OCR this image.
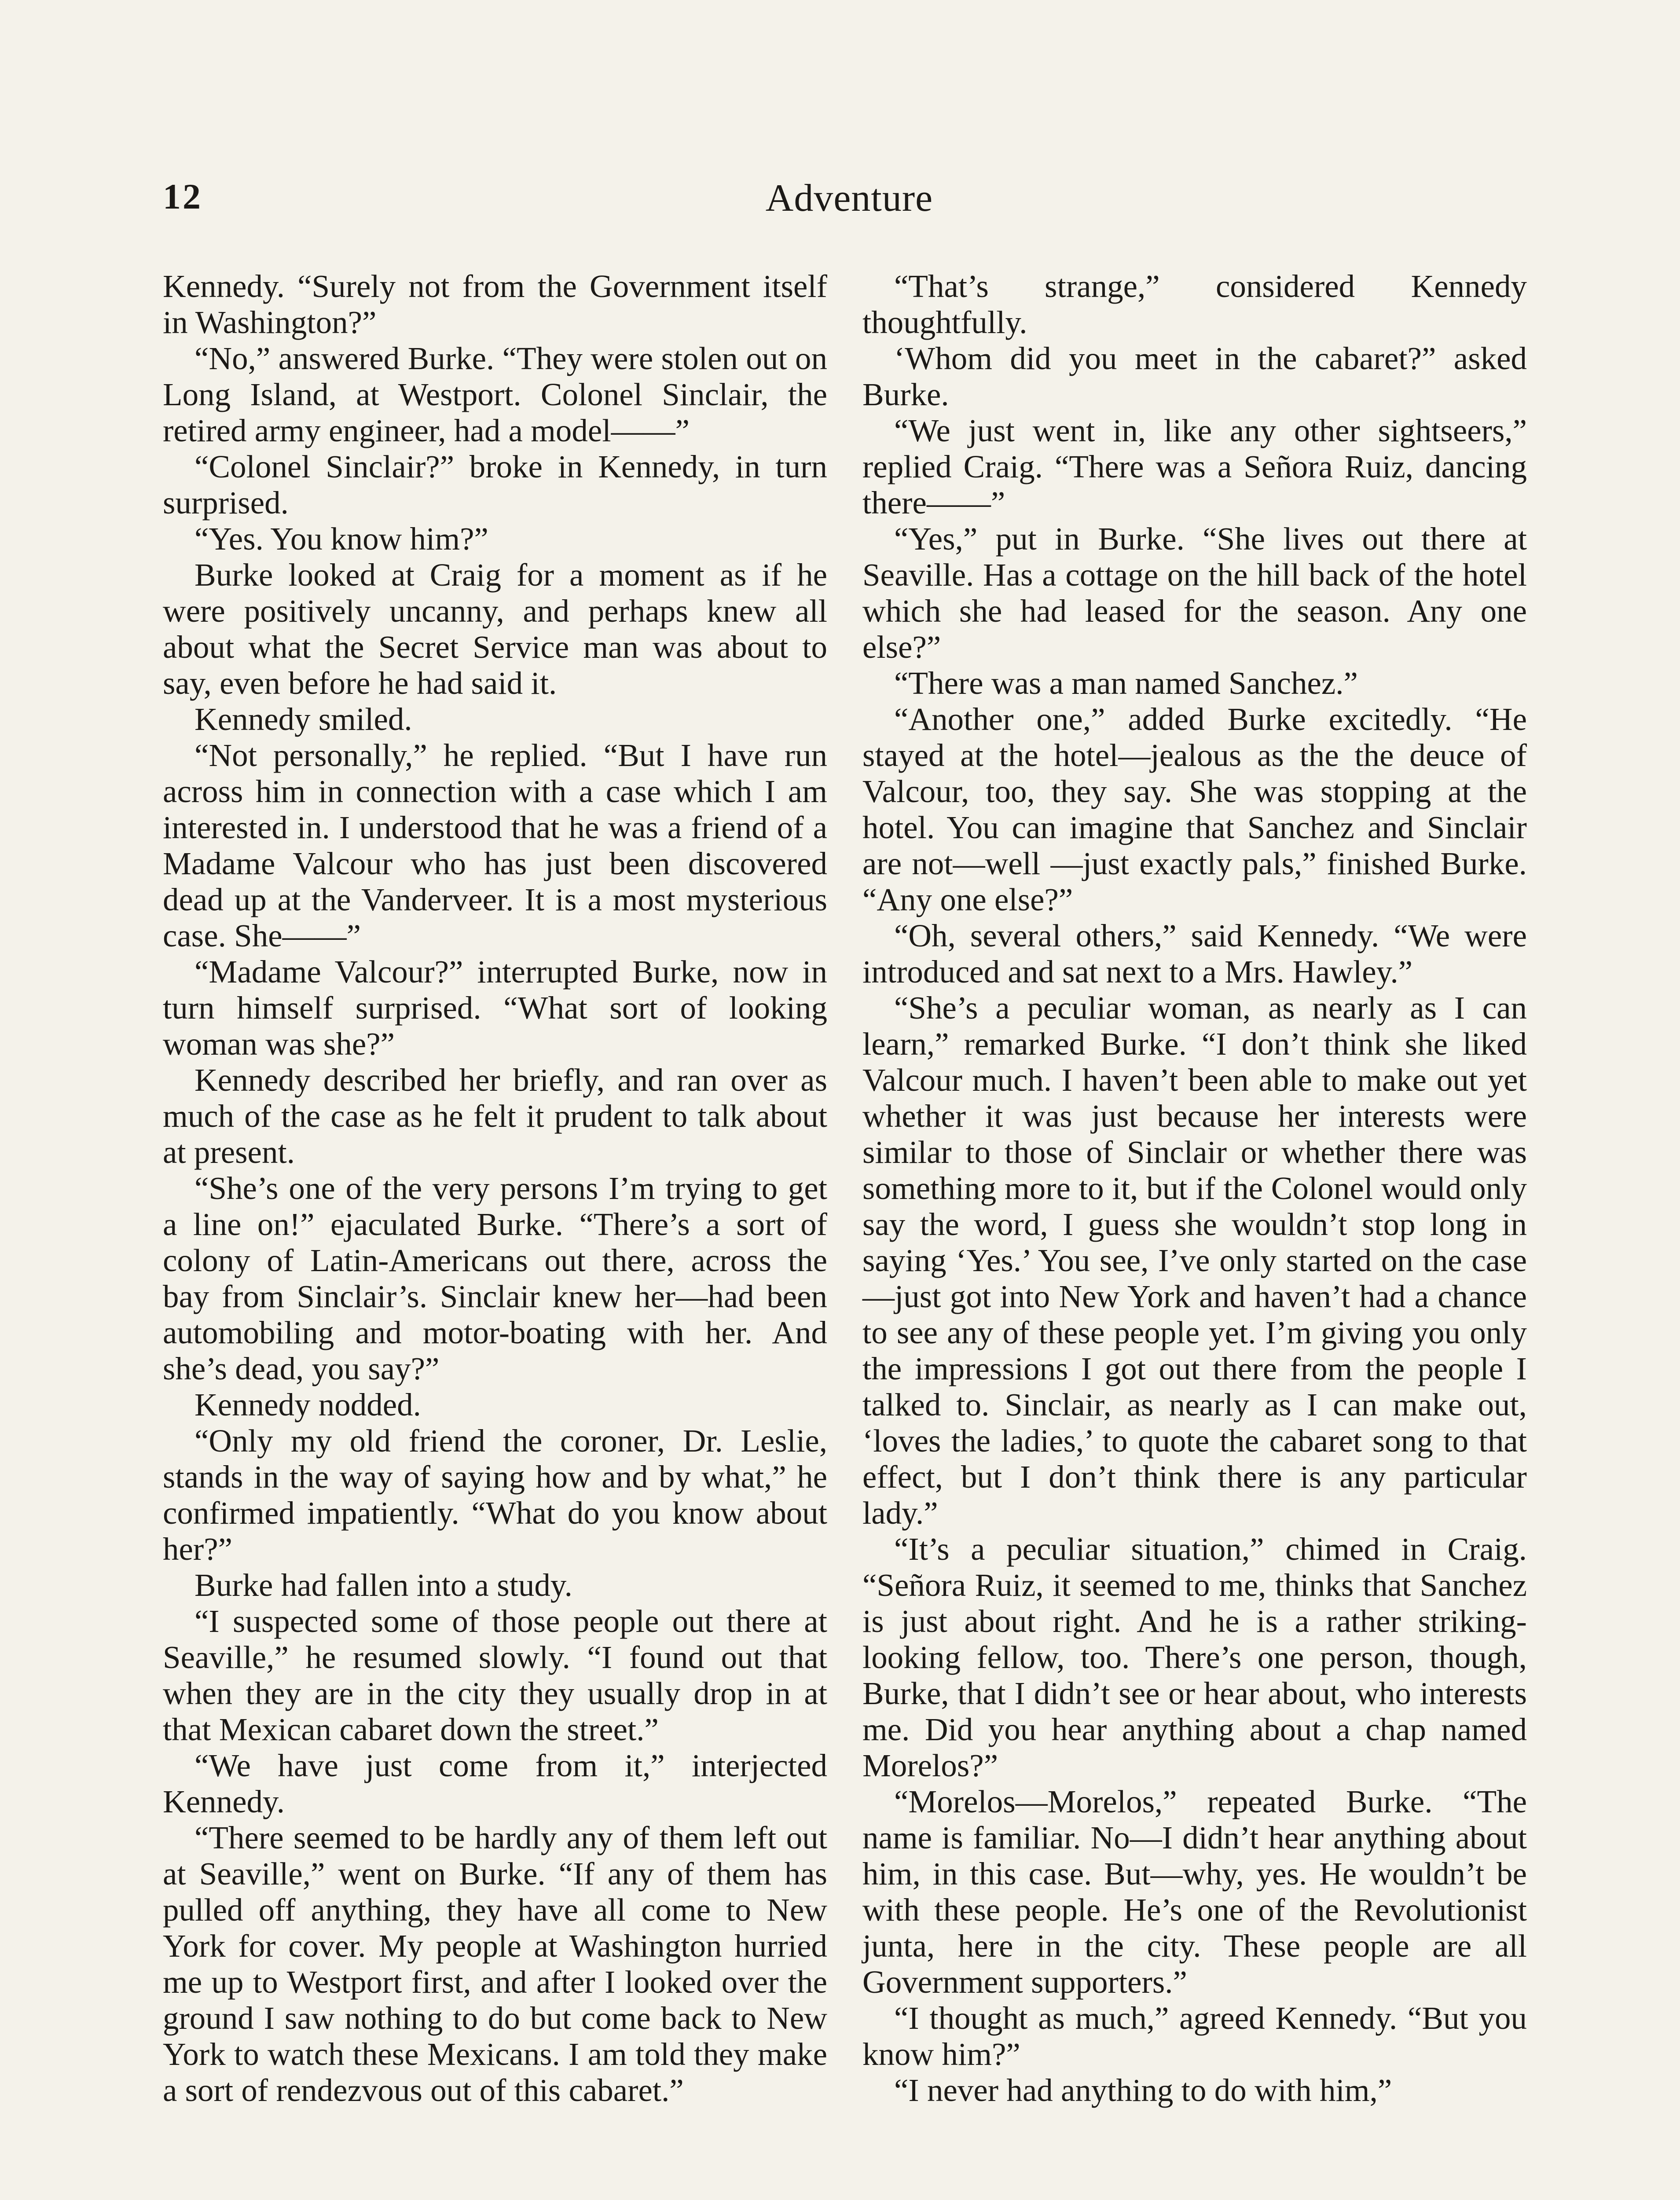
12	Adventure

Kennedy. “Surely not from the Government itself in Washington?”

“No,” answered Burke. “They were stolen out on Long Island, at Westport. Colonel Sinclair, the retired army engineer, had a model——”

“Colonel Sinclair?” broke in Kennedy, in turn surprised.

“Yes. You know him?”

Burke looked at Craig for a moment as if he were positively uncanny, and perhaps knew all about what the Secret Service man was about to say, even before he had said it.

Kennedy smiled.

“Not personally,” he replied. “But I have run across him in connection with a case which I am interested in. I understood that he was a friend of a Madame Valcour who has just been discovered dead up at the Vanderveer. It is a most mysterious case. She——”

“Madame Valcour?” interrupted Burke, now in turn himself surprised. “What sort of looking woman was she?”

Kennedy described her briefly, and ran over as much of the case as he felt it prudent to talk about at present.

“She’s one of the very persons I’m trying to get a line on!” ejaculated Burke. “There’s a sort of colony of Latin-Americans out there, across the bay from Sinclair’s. Sinclair knew her—had been automobiling and motor-boating with her. And she’s dead, you say?”

Kennedy nodded.

“Only my old friend the coroner, Dr. Leslie, stands in the way of saying how and by what,” he confirmed impatiently. “What do you know about her?”

Burke had fallen into a study.

“I suspected some of those people out there at Seaville,” he resumed slowly. “I found out that when they are in the city they usually drop in at that Mexican cabaret down the street.”

“We have just come from it,” interjected Kennedy.

“There seemed to be hardly any of them left out at Seaville,” went on Burke. “If any of them has pulled off anything, they have all come to New York for cover. My people at Washington hurried me up to Westport first, and after I looked over the ground I saw nothing to do but come back to New York to watch these Mexicans. I am told they make a sort of rendezvous out of this cabaret.”

“That’s strange,” considered Kennedy thoughtfully.

‘Whom did you meet in the cabaret?” asked Burke.

“We just went in, like any other sightseers,” replied Craig. “There was a Señora Ruiz, dancing there——”

“Yes,” put in Burke. “She lives out there at Seaville. Has a cottage on the hill back of the hotel which she had leased for the season. Any one else?”

“There was a man named Sanchez.”

“Another one,” added Burke excitedly. “He stayed at the hotel—jealous as the the deuce of Valcour, too, they say. She was stopping at the hotel. You can imagine that Sanchez and Sinclair are not—well —just exactly pals,” finished Burke. “Any one else?”

“Oh, several others,” said Kennedy. “We were introduced and sat next to a Mrs. Hawley.”

“She’s a peculiar woman, as nearly as I can learn,” remarked Burke. “I don’t think she liked Valcour much. I haven’t been able to make out yet whether it was just because her interests were similar to those of Sinclair or whether there was something more to it, but if the Colonel would only say the word, I guess she wouldn’t stop long in saying ‘Yes.’ You see, I’ve only started on the case—just got into New York and haven’t had a chance to see any of these people yet. I’m giving you only the impressions I got out there from the people I talked to. Sinclair, as nearly as I can make out, ‘loves the ladies,’ to quote the cabaret song to that effect, but I don’t think there is any particular lady.”

“It’s a peculiar situation,” chimed in Craig. “Señora Ruiz, it seemed to me, thinks that Sanchez is just about right. And he is a rather striking-looking fellow, too. There’s one person, though, Burke, that I didn’t see or hear about, who interests me. Did you hear anything about a chap named Morelos?”

“Morelos—Morelos,” repeated Burke. “The name is familiar. No—I didn’t hear anything about him, in this case. But—why, yes. He wouldn’t be with these people. He’s one of the Revolutionist junta, here in the city. These people are all Government supporters.”

“I thought as much,” agreed Kennedy. “But you know him?”

“I never had anything to do with him,”
